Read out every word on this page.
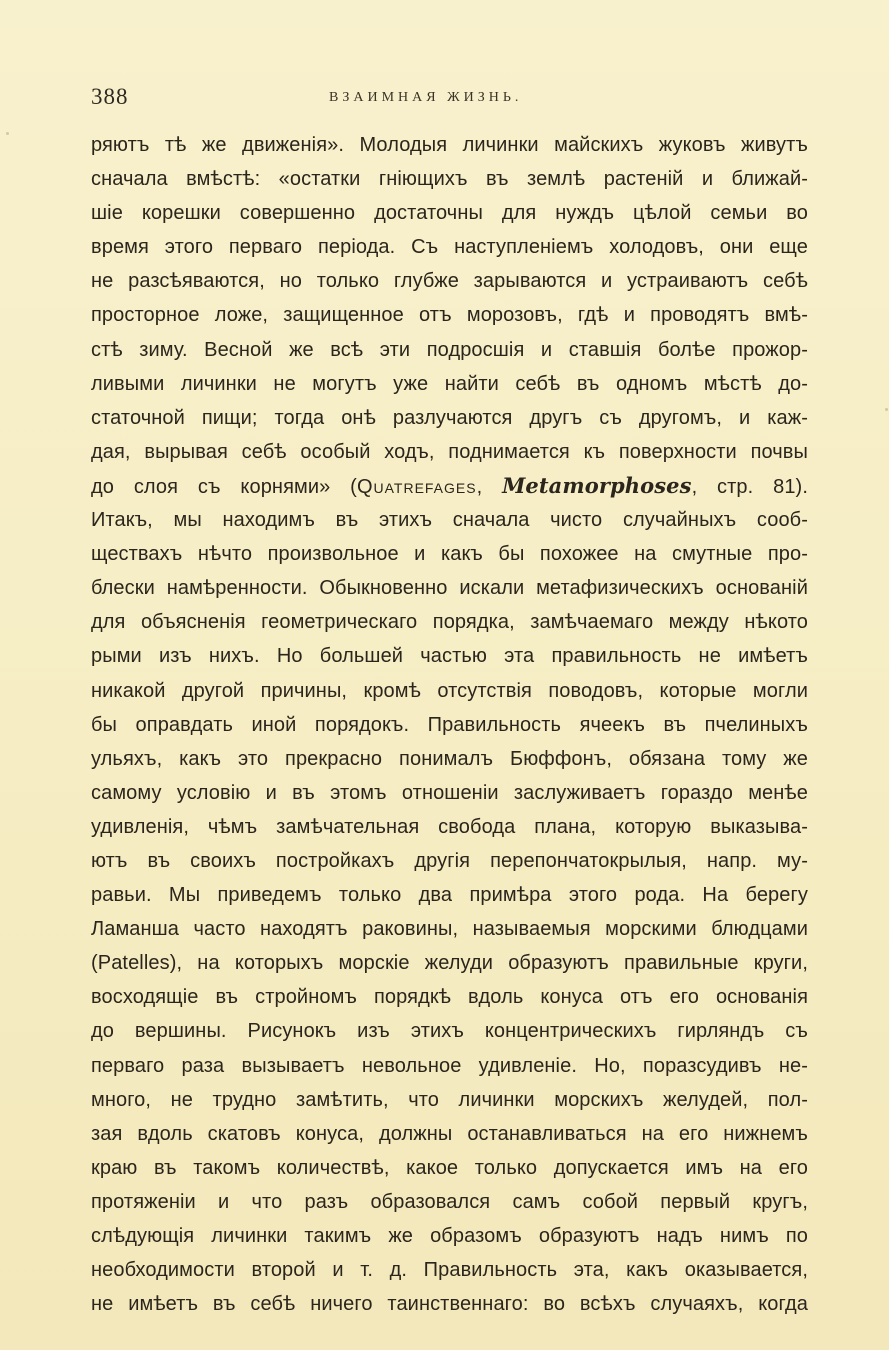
388	ВЗАИМНАЯ ЖИЗНЬ.
ряютъ тѣ же движенія». Молодыя личинки майскихъ жуковъ живутъ
сначала вмѣстѣ: «остатки гніющихъ въ землѣ растеній и ближай-
шіе корешки совершенно достаточны для нуждъ цѣлой семьи во
время этого перваго періода. Съ наступленіемъ холодовъ, они еще
не разсѣяваются, но только глубже зарываются и устраиваютъ себѣ
просторное ложе, защищенное отъ морозовъ, гдѣ и проводятъ вмѣ-
стѣ зиму. Весной же всѣ эти подросшія и ставшія болѣе прожор-
ливыми личинки не могутъ уже найти себѣ въ одномъ мѣстѣ до-
статочной пищи; тогда онѣ разлучаются другъ съ другомъ, и каж-
дая, вырывая себѣ особый ходъ, поднимается къ поверхности почвы
до слоя съ корнями» (Quatrefages, Metamorphoses, стр. 81).
Итакъ, мы находимъ въ этихъ сначала чисто случайныхъ сооб-
ществахъ нѣчто произвольное и какъ бы похожее на смутные про-
блески намѣренности. Обыкновенно искали метафизическихъ основаній
для объясненія геометрическаго порядка, замѣчаемаго между нѣкото
рыми изъ нихъ. Но большей частью эта правильность не имѣетъ
никакой другой причины, кромѣ отсутствія поводовъ, которые могли
бы оправдать иной порядокъ. Правильность ячеекъ въ пчелиныхъ
ульяхъ, какъ это прекрасно понималъ Бюффонъ, обязана тому же
самому условію и въ этомъ отношеніи заслуживаетъ гораздо менѣе
удивленія, чѣмъ замѣчательная свобода плана, которую выказыва-
ютъ въ своихъ постройкахъ другія перепончатокрылыя, напр. му-
равьи. Мы приведемъ только два примѣра этого рода. На берегу
Ламанша часто находятъ раковины, называемыя морскими блюдцами
(Patelles), на которыхъ морскіе желуди образуютъ правильные круги,
восходящіе въ стройномъ порядкѣ вдоль конуса отъ его основанія
до вершины. Рисунокъ изъ этихъ концентрическихъ гирляндъ съ
перваго раза вызываетъ невольное удивленіе. Но, поразсудивъ не-
много, не трудно замѣтить, что личинки морскихъ желудей, пол-
зая вдоль скатовъ конуса, должны останавливаться на его нижнемъ
краю въ такомъ количествѣ, какое только допускается имъ на его
протяженіи и что разъ образовался самъ собой первый кругъ,
слѣдующія личинки такимъ же образомъ образуютъ надъ нимъ по
необходимости второй и т. д. Правильность эта, какъ оказывается,
не имѣетъ въ себѣ ничего таинственнаго: во всѣхъ случаяхъ, когда
